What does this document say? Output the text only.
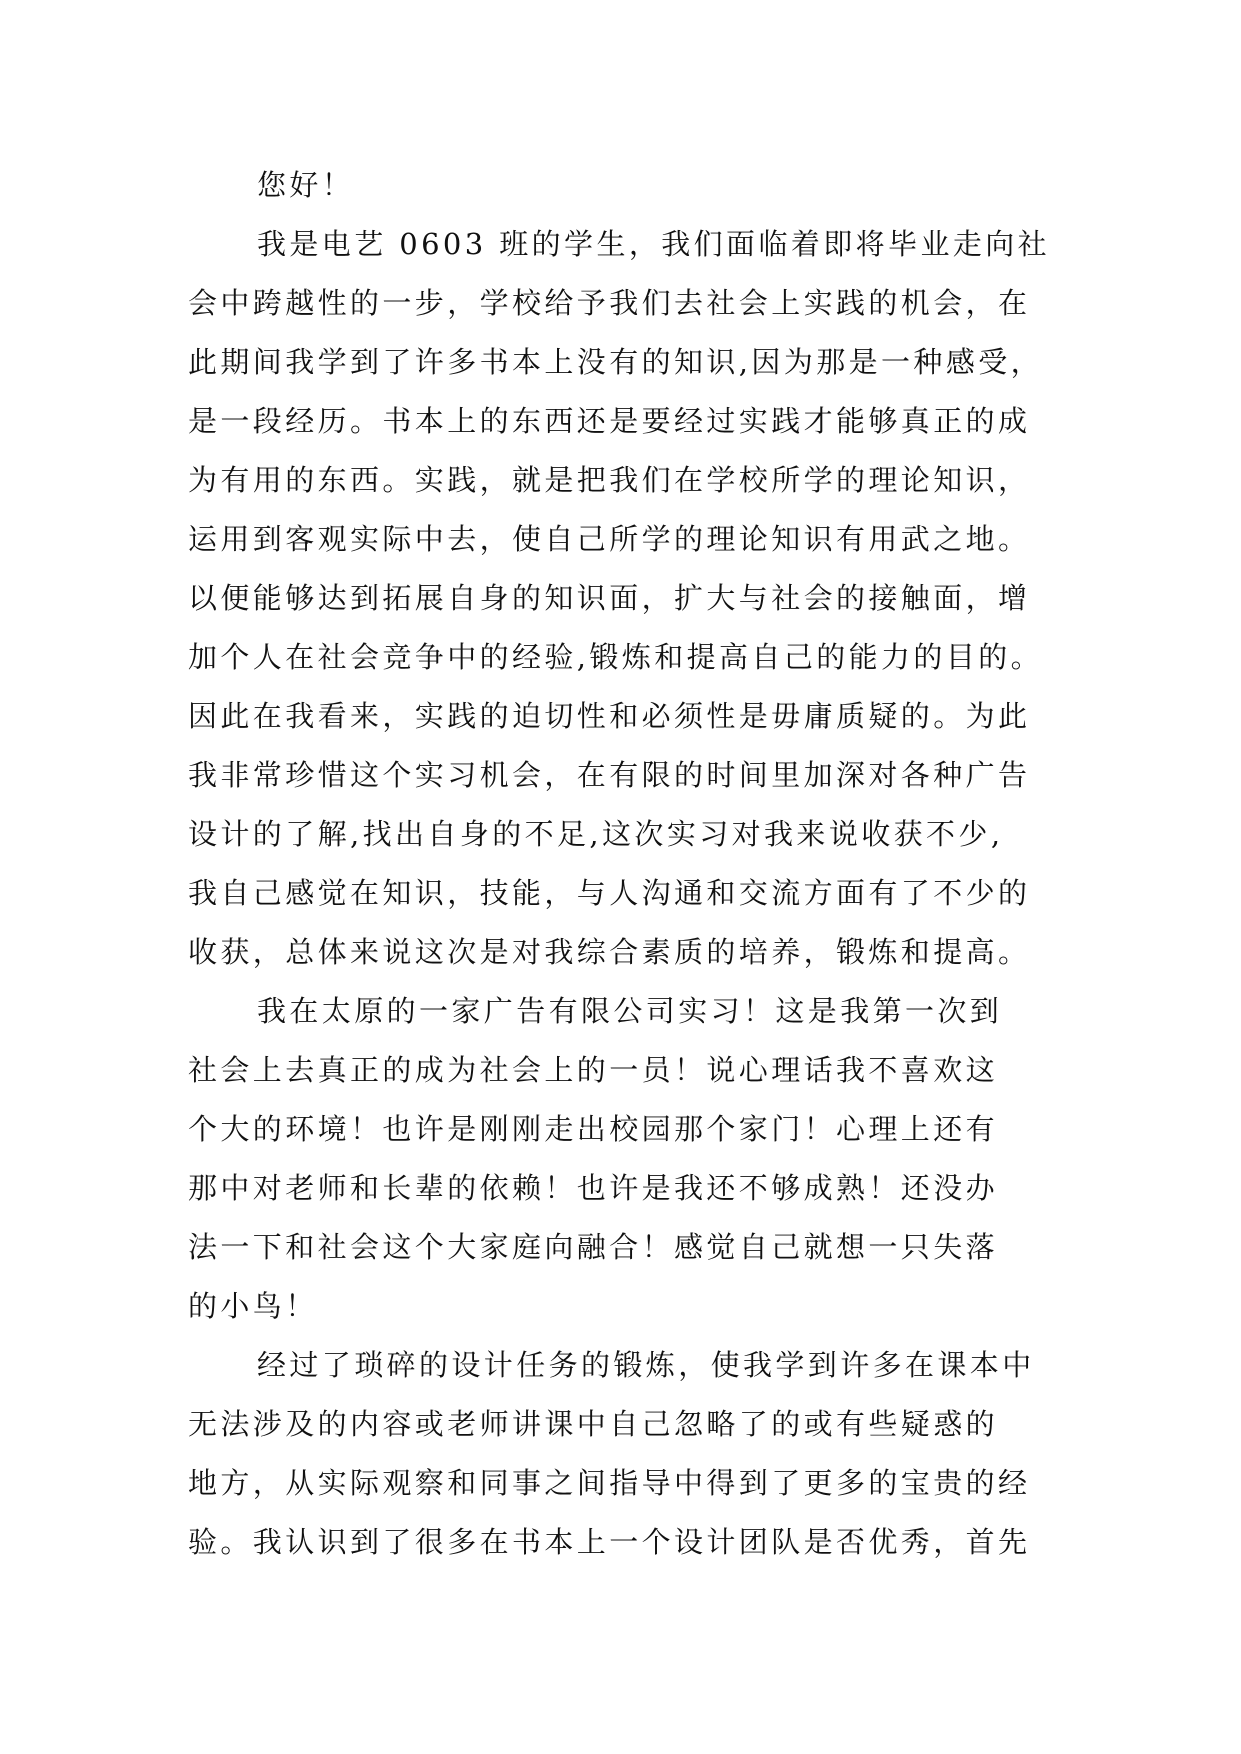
您好！
我是电艺 0603 班的学生，我们面临着即将毕业走向社
会中跨越性的一步，学校给予我们去社会上实践的机会，在
此期间我学到了许多书本上没有的知识,因为那是一种感受，
是一段经历。书本上的东西还是要经过实践才能够真正的成
为有用的东西。实践，就是把我们在学校所学的理论知识，
运用到客观实际中去，使自己所学的理论知识有用武之地。
以便能够达到拓展自身的知识面，扩大与社会的接触面，增
加个人在社会竞争中的经验,锻炼和提高自己的能力的目的。
因此在我看来，实践的迫切性和必须性是毋庸质疑的。为此
我非常珍惜这个实习机会，在有限的时间里加深对各种广告
设计的了解,找出自身的不足,这次实习对我来说收获不少,
我自己感觉在知识，技能，与人沟通和交流方面有了不少的
收获，总体来说这次是对我综合素质的培养，锻炼和提高。
我在太原的一家广告有限公司实习！这是我第一次到
社会上去真正的成为社会上的一员！说心理话我不喜欢这
个大的环境！也许是刚刚走出校园那个家门！心理上还有
那中对老师和长辈的依赖！也许是我还不够成熟！还没办
法一下和社会这个大家庭向融合！感觉自己就想一只失落
的小鸟！
经过了琐碎的设计任务的锻炼，使我学到许多在课本中
无法涉及的内容或老师讲课中自己忽略了的或有些疑惑的
地方，从实际观察和同事之间指导中得到了更多的宝贵的经
验。我认识到了很多在书本上一个设计团队是否优秀，首先
